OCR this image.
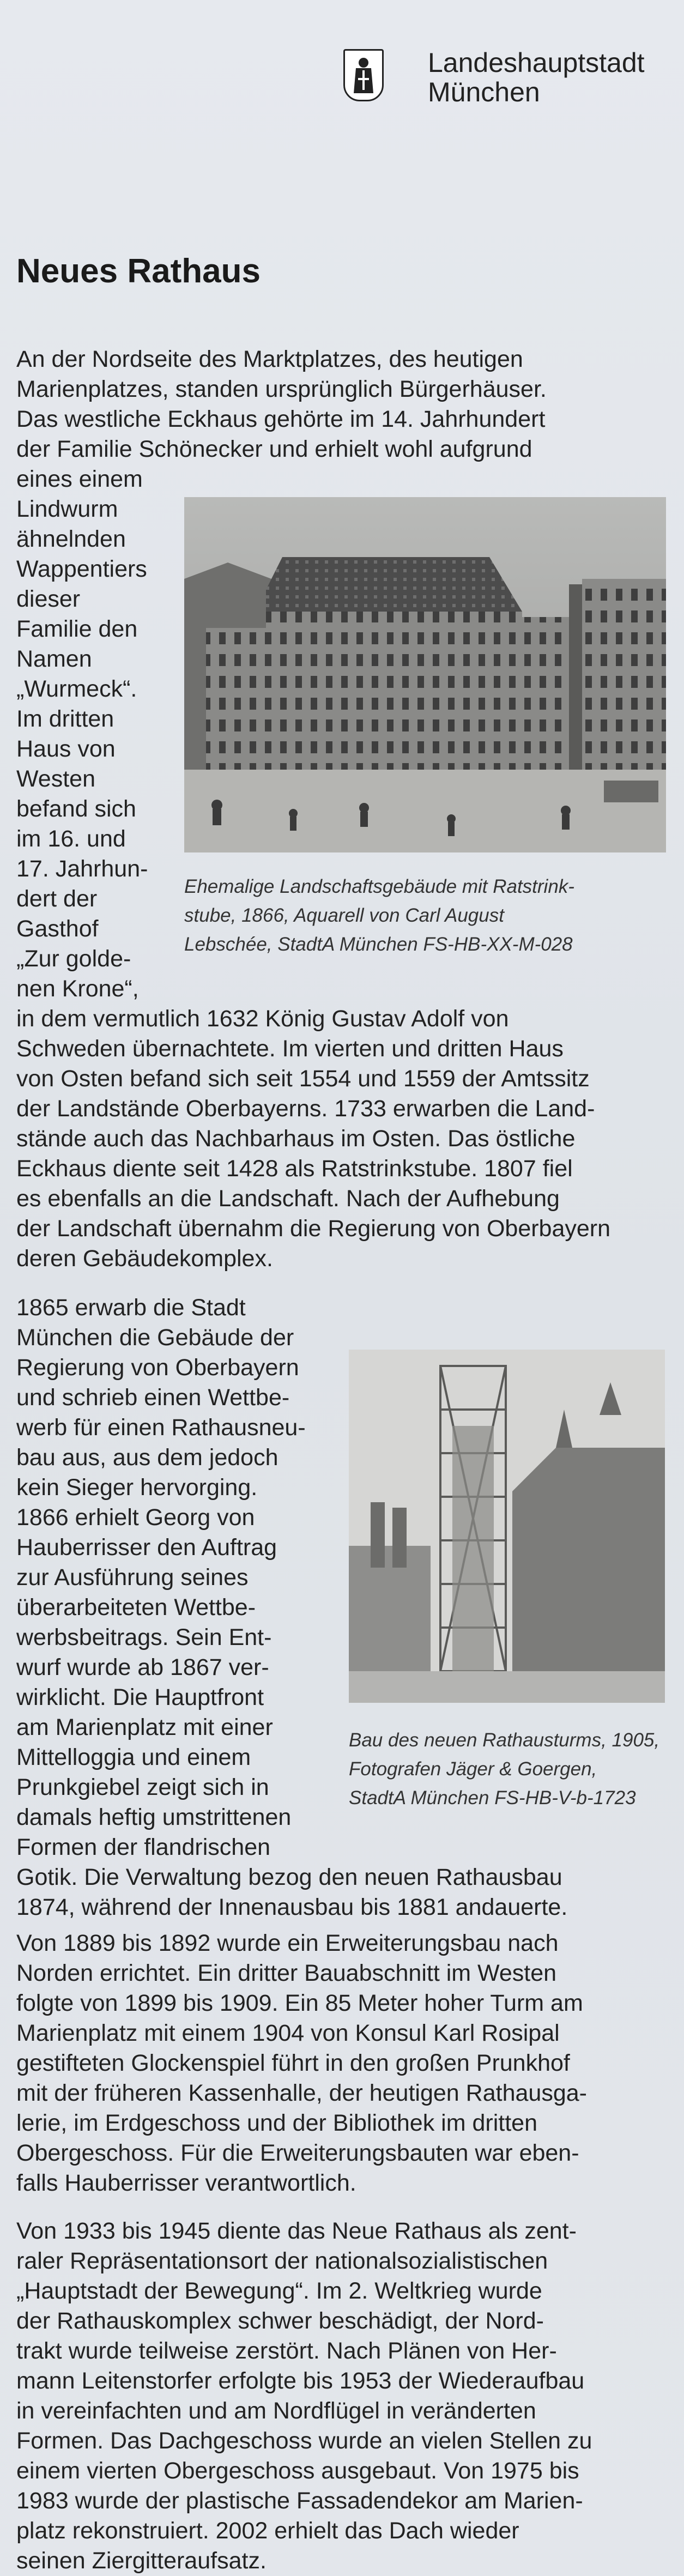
Landeshauptstadt
München
Neues Rathaus

An der Nordseite des Marktplatzes, des heutigen
Marienplatzes, standen ursprünglich Bürgerhäuser.
Das westliche Eckhaus gehörte im 14. Jahrhundert
der Familie Schönecker und erhielt wohl aufgrund

eines einem
Lindwurm
ähnelnden
Wappentiers
dieser
Familie den
Namen
„Wurmeck“.
Im dritten
Haus von
Westen
befand sich
im 16. und
17. Jahrhun-
dert der
Gasthof
„Zur golde-
nen Krone“,

Ehemalige Landschaftsgebäude mit Ratstrink-
stube, 1866, Aquarell von Carl August
Lebschée, StadtA München FS-HB-XX-M-028

in dem vermutlich 1632 König Gustav Adolf von
Schweden übernachtete. Im vierten und dritten Haus
von Osten befand sich seit 1554 und 1559 der Amtssitz
der Landstände Oberbayerns. 1733 erwarben die Land-
stände auch das Nachbarhaus im Osten. Das östliche
Eckhaus diente seit 1428 als Ratstrinkstube. 1807 fiel
es ebenfalls an die Landschaft. Nach der Aufhebung
der Landschaft übernahm die Regierung von Oberbayern
deren Gebäudekomplex.

1865 erwarb die Stadt
München die Gebäude der
Regierung von Oberbayern
und schrieb einen Wettbe-
werb für einen Rathausneu-
bau aus, aus dem jedoch
kein Sieger hervorging.
1866 erhielt Georg von
Hauberrisser den Auftrag
zur Ausführung seines
überarbeiteten Wettbe-
werbsbeitrags. Sein Ent-
wurf wurde ab 1867 ver-
wirklicht. Die Hauptfront
am Marienplatz mit einer
Mittelloggia und einem
Prunkgiebel zeigt sich in
damals heftig umstrittenen
Formen der flandrischen

Bau des neuen Rathausturms, 1905,
Fotografen Jäger & Goergen,
StadtA München FS-HB-V-b-1723

Gotik. Die Verwaltung bezog den neuen Rathausbau
1874, während der Innenausbau bis 1881 andauerte.

Von 1889 bis 1892 wurde ein Erweiterungsbau nach
Norden errichtet. Ein dritter Bauabschnitt im Westen
folgte von 1899 bis 1909. Ein 85 Meter hoher Turm am
Marienplatz mit einem 1904 von Konsul Karl Rosipal
gestifteten Glockenspiel führt in den großen Prunkhof
mit der früheren Kassenhalle, der heutigen Rathausga-
lerie, im Erdgeschoss und der Bibliothek im dritten
Obergeschoss. Für die Erweiterungsbauten war eben-
falls Hauberrisser verantwortlich.

Von 1933 bis 1945 diente das Neue Rathaus als zent-
raler Repräsentationsort der nationalsozialistischen
„Hauptstadt der Bewegung“. Im 2. Weltkrieg wurde
der Rathauskomplex schwer beschädigt, der Nord-
trakt wurde teilweise zerstört. Nach Plänen von Her-
mann Leitenstorfer erfolgte bis 1953 der Wiederaufbau
in vereinfachten und am Nordflügel in veränderten
Formen. Das Dachgeschoss wurde an vielen Stellen zu
einem vierten Obergeschoss ausgebaut. Von 1975 bis
1983 wurde der plastische Fassadendekor am Marien-
platz rekonstruiert. 2002 erhielt das Dach wieder
seinen Ziergitteraufsatz.
